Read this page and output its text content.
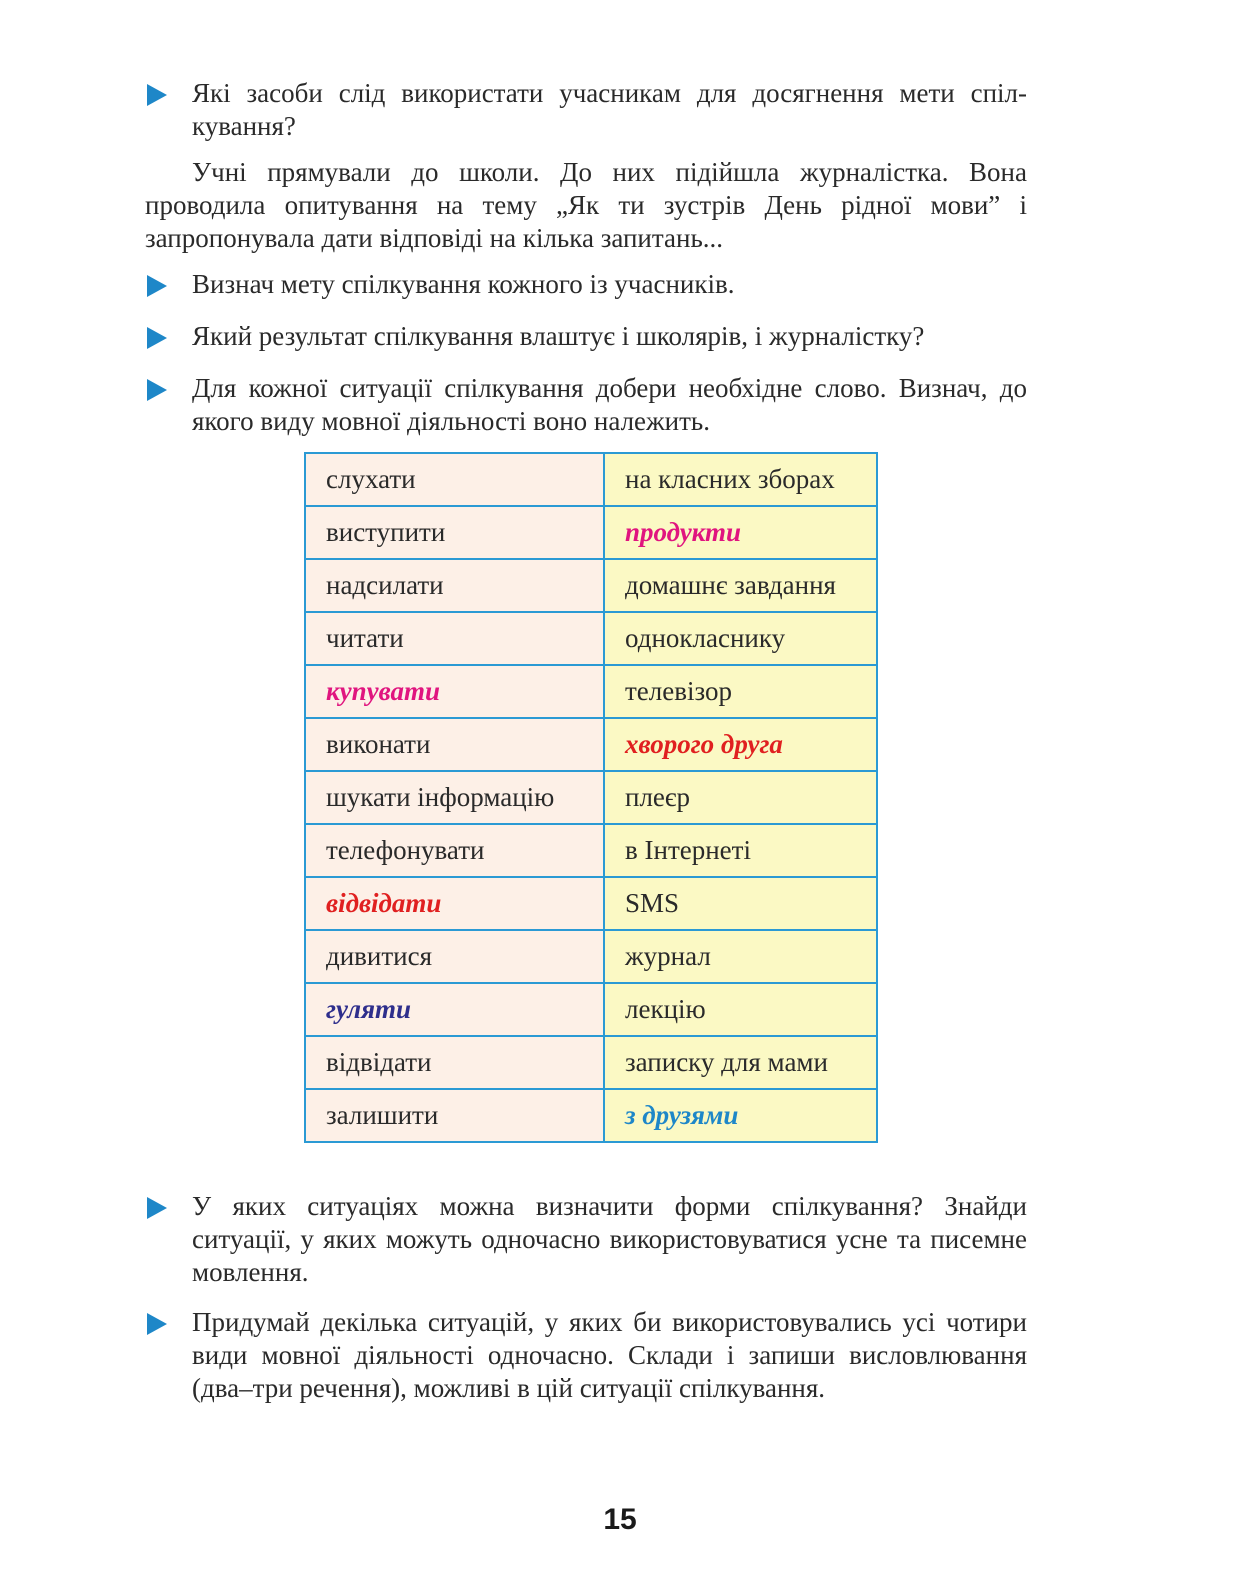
Які засоби слід використати учасникам для досягнення мети спіл-кування?
Учні прямували до школи. До них підійшла журналістка. Вона проводила опитування на тему „Як ти зустрів День рідної мови” і запропонувала дати відповіді на кілька запитань...
Визнач мету спілкування кожного із учасників.
Який результат спілкування влаштує і школярів, і журналістку?
Для кожної ситуації спілкування добери необхідне слово. Визнач, до якого виду мовної діяльності воно належить.
слухати	на класних зборах
виступити	продукти
надсилати	домашнє завдання
читати	однокласнику
купувати	телевізор
виконати	хворого друга
шукати інформацію	плеєр
телефонувати	в Інтернеті
відвідати	SMS
дивитися	журнал
гуляти	лекцію
відвідати	записку для мами
залишити	з друзями
У яких ситуаціях можна визначити форми спілкування? Знайди ситуації, у яких можуть одночасно використовуватися усне та писемне мовлення.
Придумай декілька ситуацій, у яких би використовувались усі чотири види мовної діяльності одночасно. Склади і запиши висловлювання (два–три речення), можливі в цій ситуації спілкування.
15
